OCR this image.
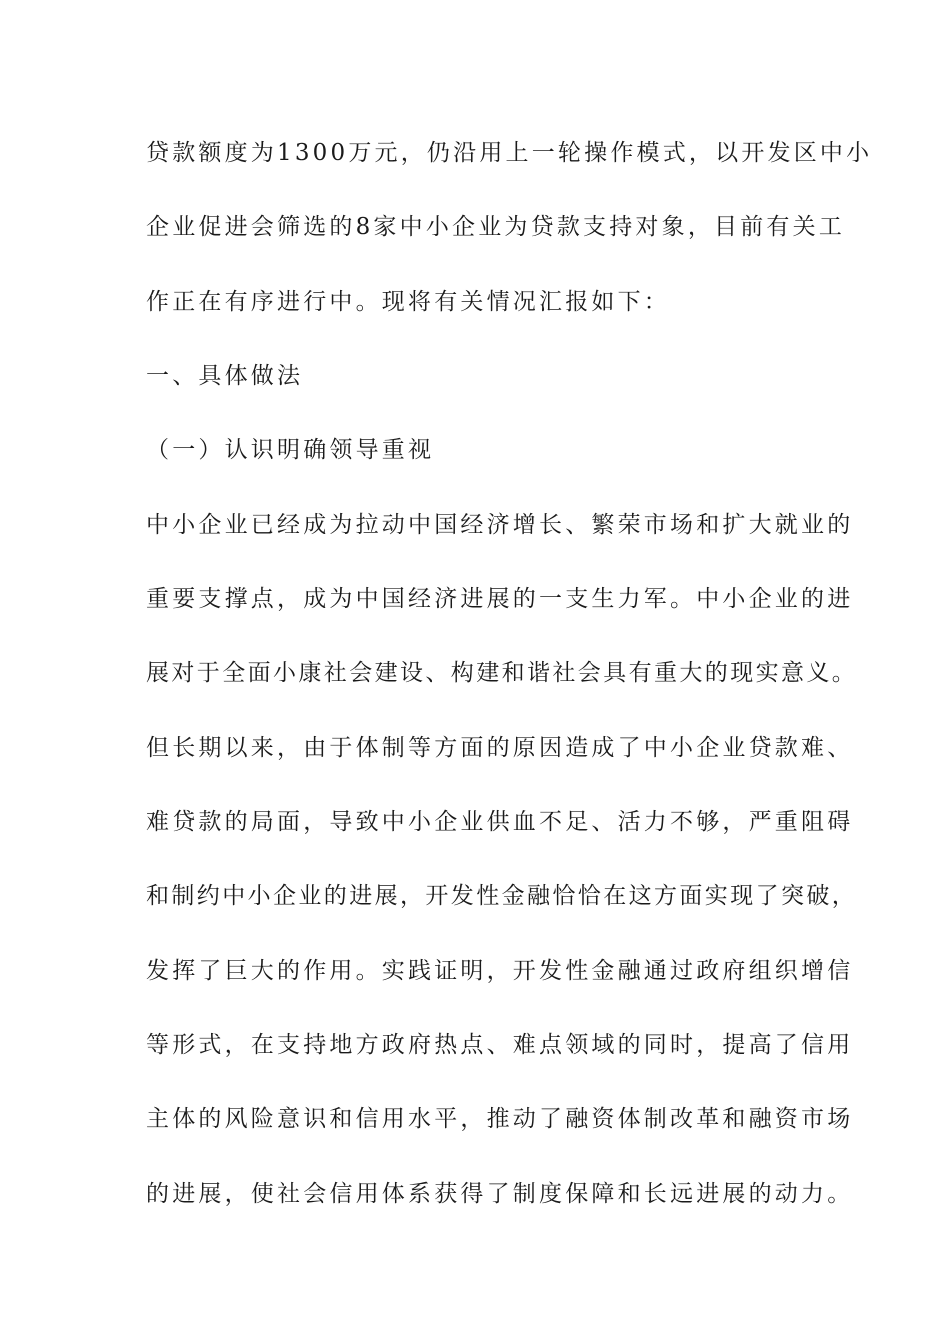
贷款额度为1300万元，仍沿用上一轮操作模式，以开发区中小
企业促进会筛选的8家中小企业为贷款支持对象，目前有关工
作正在有序进行中。现将有关情况汇报如下：
一、具体做法
（一）认识明确领导重视
中小企业已经成为拉动中国经济增长、繁荣市场和扩大就业的
重要支撑点，成为中国经济进展的一支生力军。中小企业的进
展对于全面小康社会建设、构建和谐社会具有重大的现实意义。
但长期以来，由于体制等方面的原因造成了中小企业贷款难、
难贷款的局面，导致中小企业供血不足、活力不够，严重阻碍
和制约中小企业的进展，开发性金融恰恰在这方面实现了突破，
发挥了巨大的作用。实践证明，开发性金融通过政府组织增信
等形式，在支持地方政府热点、难点领域的同时，提高了信用
主体的风险意识和信用水平，推动了融资体制改革和融资市场
的进展，使社会信用体系获得了制度保障和长远进展的动力。
